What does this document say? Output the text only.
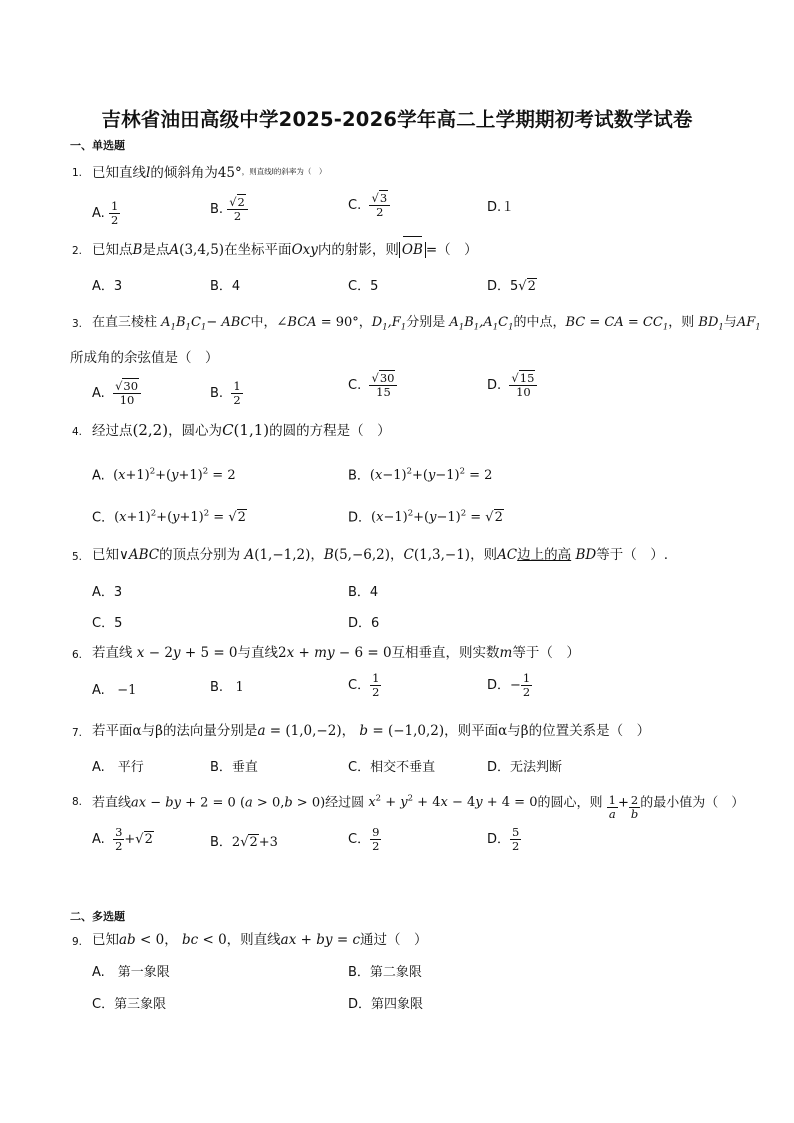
吉林省油田高级中学2025-2026学年高二上学期期初考试数学试卷
一、单选题
1. 已知直线l的倾斜角为45°$^{,则直线l的斜率为( )}$
A. $\frac{1}{2}$	B. $\frac{√2}{2}$	C. $\frac{√3}{2}$	D.１
2. 已知点B是点A(3,4,5)在坐标平面Oxy内的射影，则 OB =（　）
A．3	B．4	C．5	D．5√2
3. 在直三棱柱 $A_1B_1C_1-$ ABC中，∠BCA = 90°，$D_1,F_1$分别是 $A_1B_1,A_1C_1$的中点，BC = CA = $CC_1$，则 $BD_1$与$AF_1$
所成角的余弦值是（　）
A. $\frac{√30}{10}$	B. $\frac{1}{2}$	C. $\frac{√30}{15}$	D. $\frac{√15}{10}$
4. 经过点(2,2)，圆心为C(1,1)的圆的方程是（　）
A. $(x+1)^2+(y+1)^2 = 2$	B．$(x-1)^2+(y-1)^2 = 2$
C．$(x+1)^2+(y+1)^2 = √2$	D．$(x-1)^2+(y-1)^2 = √2$
5. 已知∨ABC的顶点分别为 A(1,−1,2)，B(5,−6,2)，C(1,3,−1)，则AC边上的高 BD等于（　）.
A．3	B．4
C．5	D．6
6. 若直线 x − 2y + 5 = 0与直线2x + my − 6 = 0互相垂直，则实数m等于（　）
A. −1	B. 1	C． $\frac{1}{2}$	D．− $\frac{1}{2}$
7. 若平面α与β的法向量分别是a = (1,0,−2)， b = (−1,0,2)，则平面α与β的位置关系是（　）
A.　平行	B．垂直	C．相交不垂直	D．无法判断
8. 若直线ax − by + 2 = 0 (a > 0,b > 0)经过圆 $x^2 + y^2 + 4x - 4y + 4 = 0$的圆心，则 $\frac{1}{a} + \frac{2}{b}$ 的最小值为（　）
A. $\frac{3}{2} +√2$	B．2√2+3	C． $\frac{9}{2}$	D． $\frac{5}{2}$
二、多选题
9. 已知ab < 0， bc < 0，则直线ax + by = c通过（　）
A.　第一象限	B．第二象限
C．第三象限	D．第四象限
